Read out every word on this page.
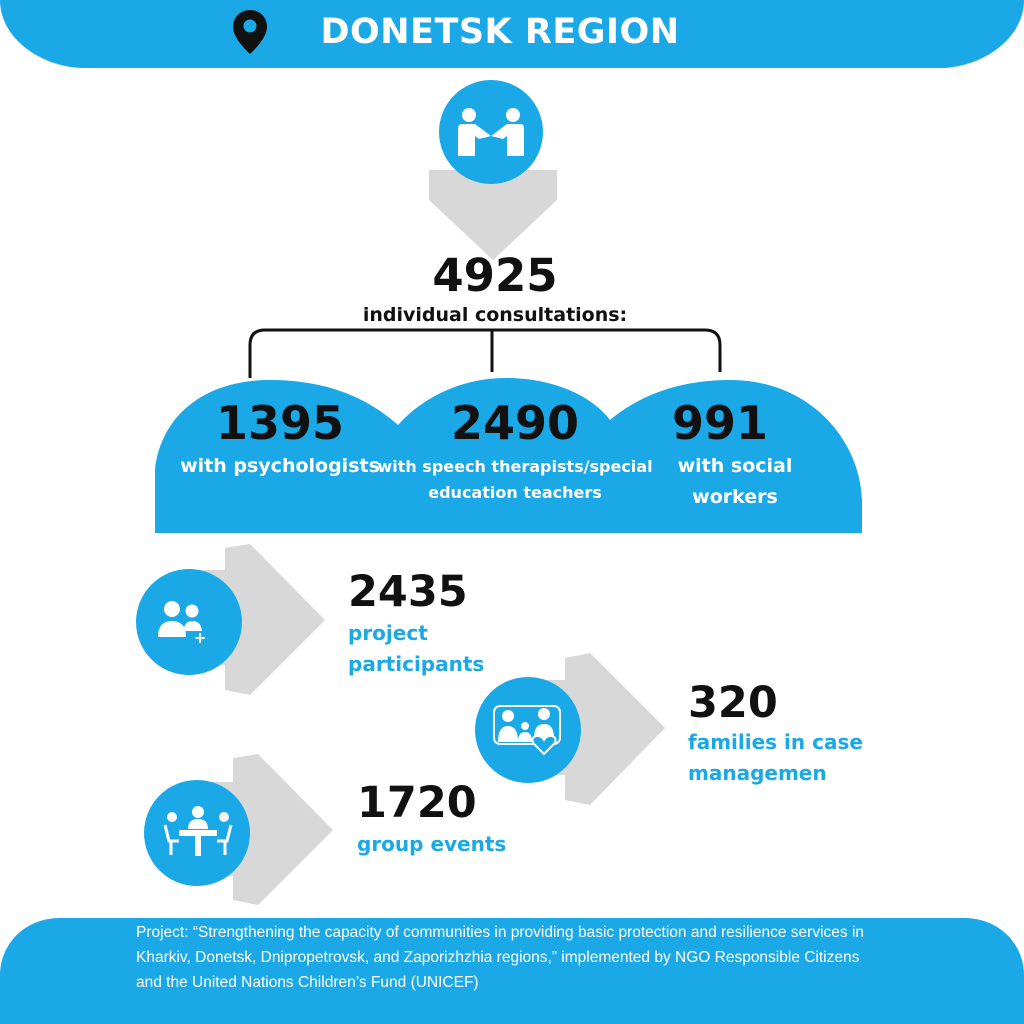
DONETSK REGION
4925
individual consultations:
1395
with psychologists
2490
with speech therapists/special education teachers
991
with social workers
2435
project participants
320
families in case managemen
1720
group events
Project: “Strengthening the capacity of communities in providing basic protection and resilience services in Kharkiv, Donetsk, Dnipropetrovsk, and Zaporizhzhia regions,” implemented by NGO Responsible Citizens and the United Nations Children’s Fund (UNICEF)
